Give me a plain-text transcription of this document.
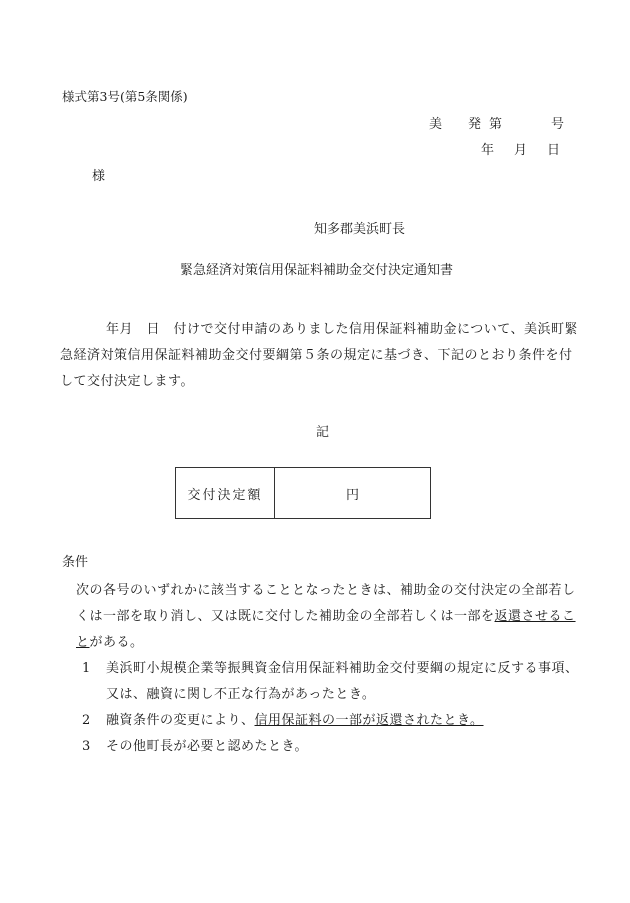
様式第3号(第5条関係)
美 発 第	号
年 月 日
様
知多郡美浜町長
緊急経済対策信用保証料補助金交付決定通知書
年月  日  付けで交付申請のありました信用保証料補助金について、美浜町緊急経済対策信用保証料補助金交付要綱第５条の規定に基づき、下記のとおり条件を付して交付決定します。
記
交付決定額	円
条件
次の各号のいずれかに該当することとなったときは、補助金の交付決定の全部若しくは一部を取り消し、又は既に交付した補助金の全部若しくは一部を返還させることがある。
1	美浜町小規模企業等振興資金信用保証料補助金交付要綱の規定に反する事項、又は、融資に関し不正な行為があったとき。
2	融資条件の変更により、信用保証料の一部が返還されたとき。
3	その他町長が必要と認めたとき。
